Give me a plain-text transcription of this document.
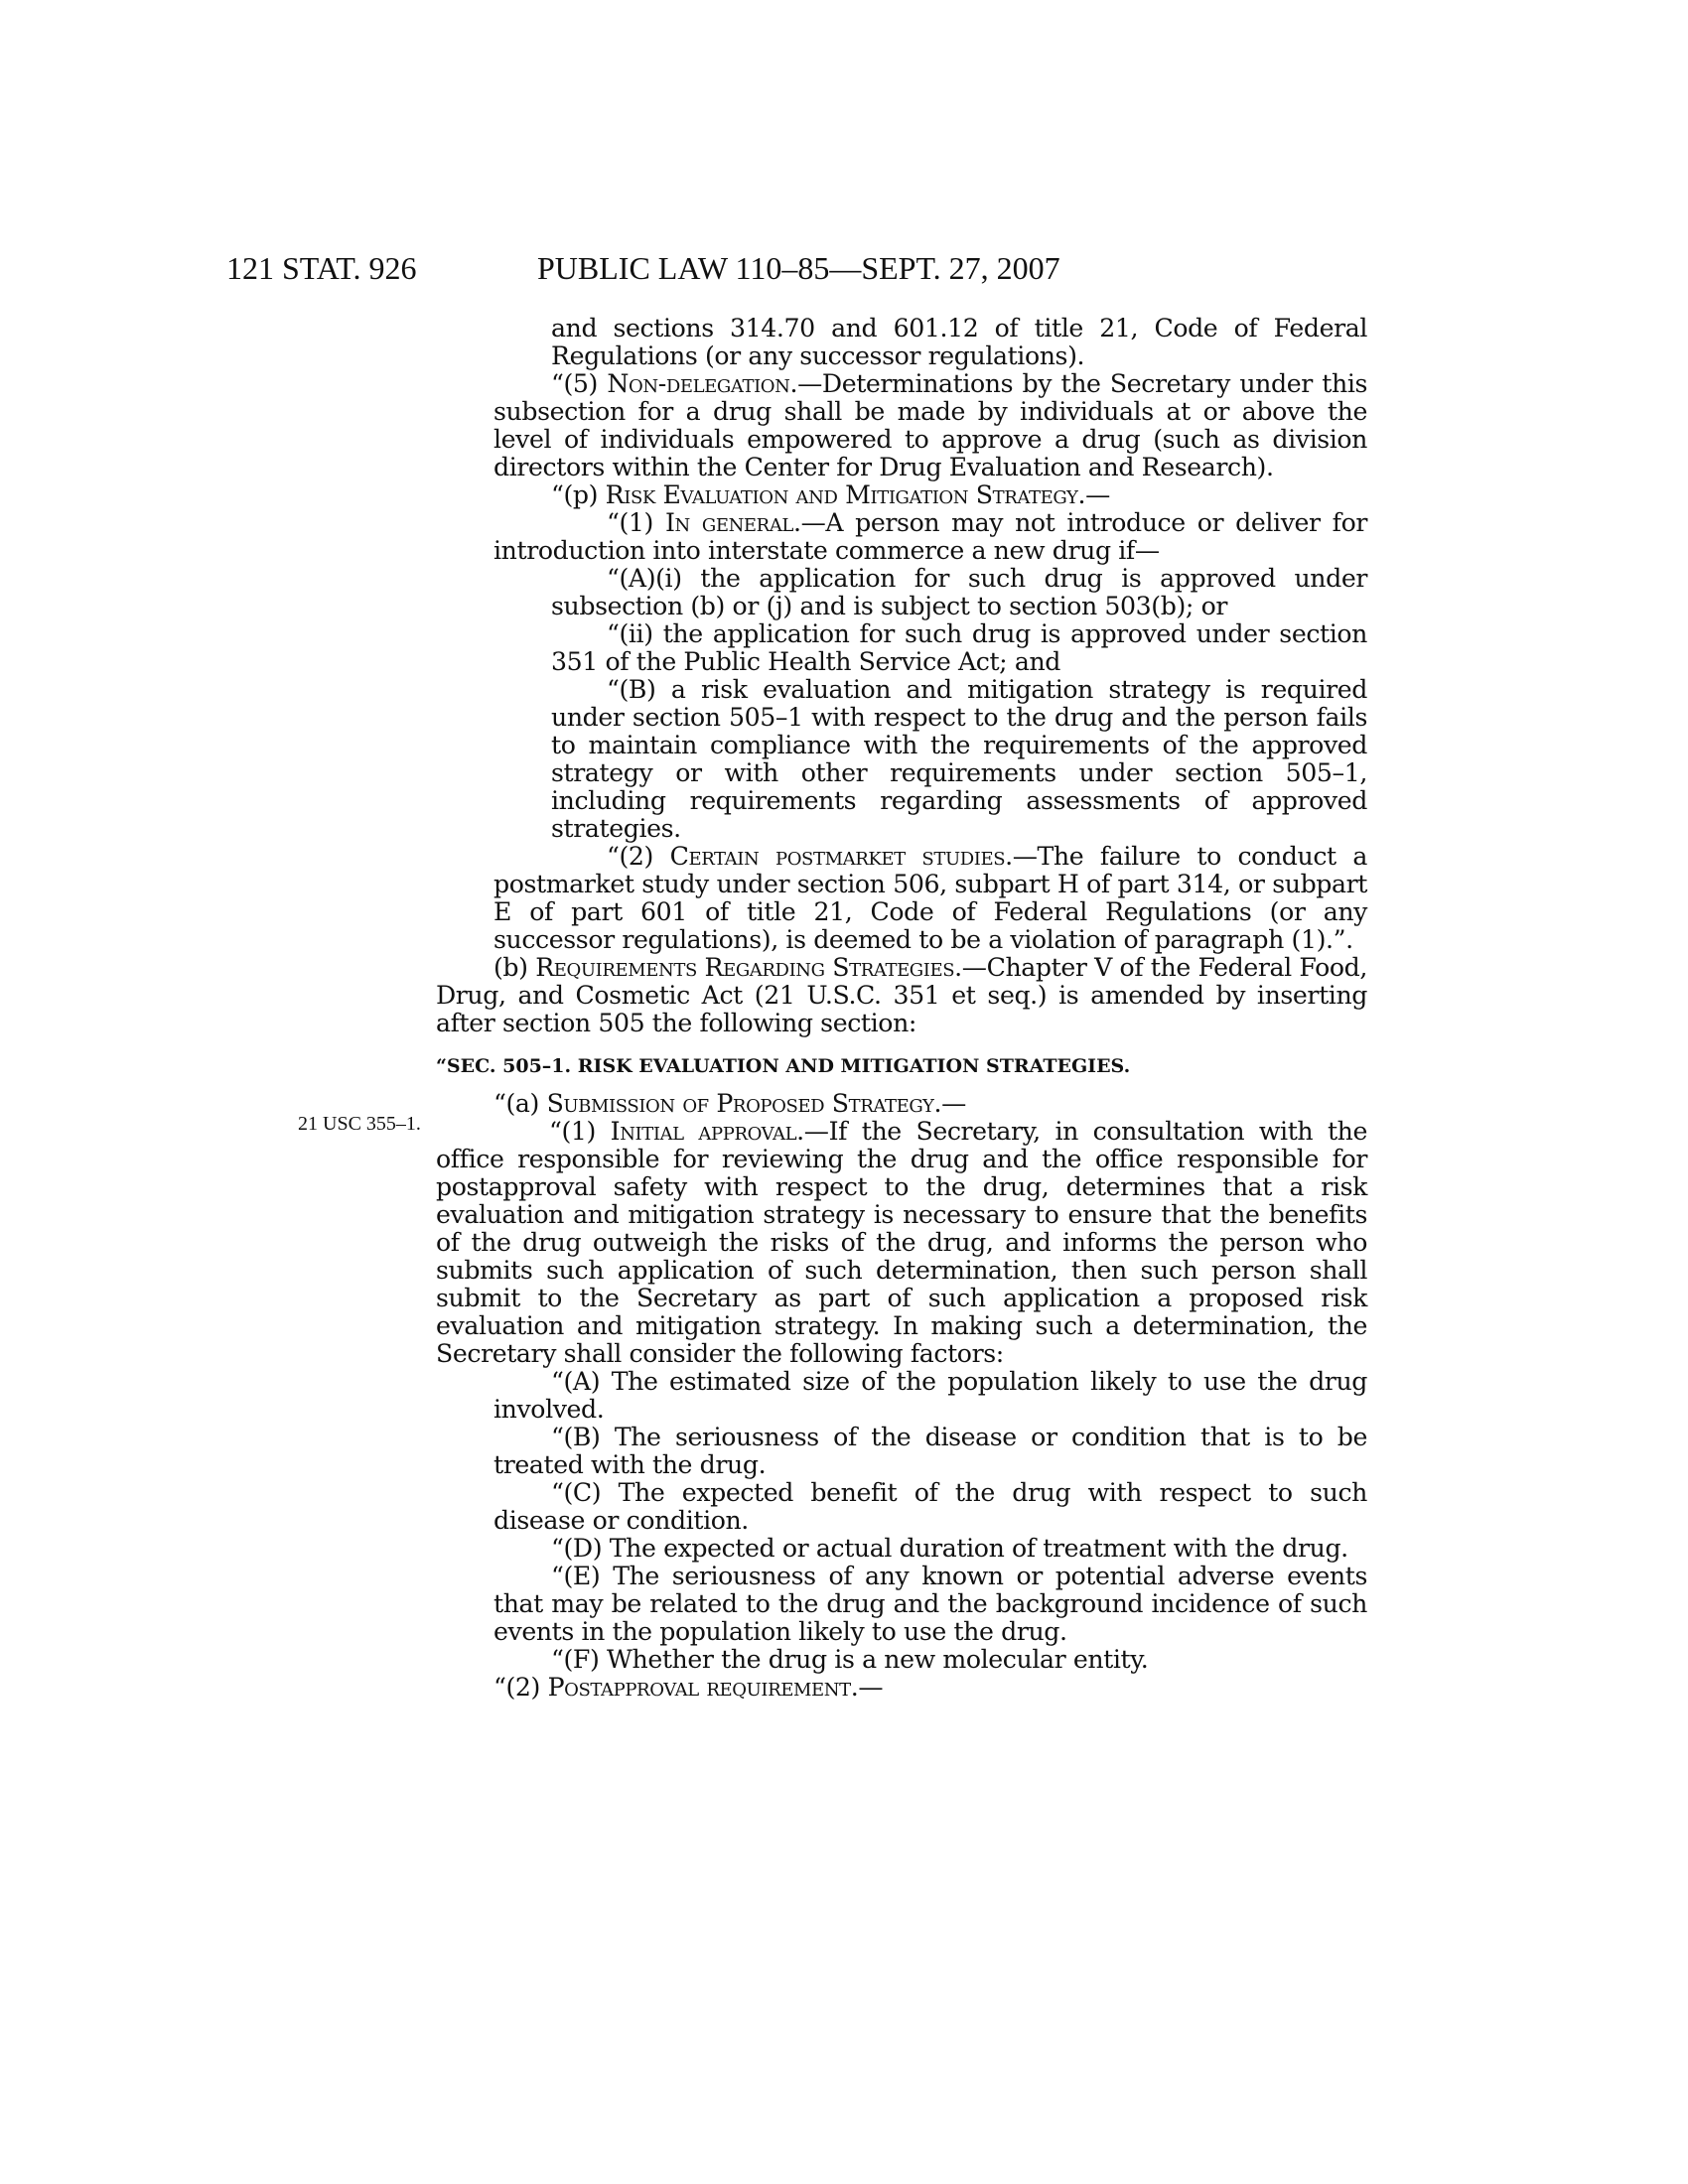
121 STAT. 926	PUBLIC LAW 110–85—SEPT. 27, 2007
21 USC 355–1.

and sections 314.70 and 601.12 of title 21, Code of Federal Regulations (or any successor regulations).

“(5) Non-delegation.—Determinations by the Secretary under this subsection for a drug shall be made by individuals at or above the level of individuals empowered to approve a drug (such as division directors within the Center for Drug Evaluation and Research).

“(p) Risk Evaluation and Mitigation Strategy.—

“(1) In general.—A person may not introduce or deliver for introduction into interstate commerce a new drug if—

“(A)(i) the application for such drug is approved under subsection (b) or (j) and is subject to section 503(b); or

“(ii) the application for such drug is approved under section 351 of the Public Health Service Act; and

“(B) a risk evaluation and mitigation strategy is required under section 505–1 with respect to the drug and the person fails to maintain compliance with the requirements of the approved strategy or with other requirements under section 505–1, including requirements regarding assessments of approved strategies.

“(2) Certain postmarket studies.—The failure to conduct a postmarket study under section 506, subpart H of part 314, or subpart E of part 601 of title 21, Code of Federal Regulations (or any successor regulations), is deemed to be a violation of paragraph (1).”.

(b) Requirements Regarding Strategies.—Chapter V of the Federal Food, Drug, and Cosmetic Act (21 U.S.C. 351 et seq.) is amended by inserting after section 505 the following section:

“SEC. 505–1. RISK EVALUATION AND MITIGATION STRATEGIES.

“(a) Submission of Proposed Strategy.—

“(1) Initial approval.—If the Secretary, in consultation with the office responsible for reviewing the drug and the office responsible for postapproval safety with respect to the drug, determines that a risk evaluation and mitigation strategy is necessary to ensure that the benefits of the drug outweigh the risks of the drug, and informs the person who submits such application of such determination, then such person shall submit to the Secretary as part of such application a proposed risk evaluation and mitigation strategy. In making such a determination, the Secretary shall consider the following factors:

“(A) The estimated size of the population likely to use the drug involved.

“(B) The seriousness of the disease or condition that is to be treated with the drug.

“(C) The expected benefit of the drug with respect to such disease or condition.

“(D) The expected or actual duration of treatment with the drug.

“(E) The seriousness of any known or potential adverse events that may be related to the drug and the background incidence of such events in the population likely to use the drug.

“(F) Whether the drug is a new molecular entity.

“(2) Postapproval requirement.—
